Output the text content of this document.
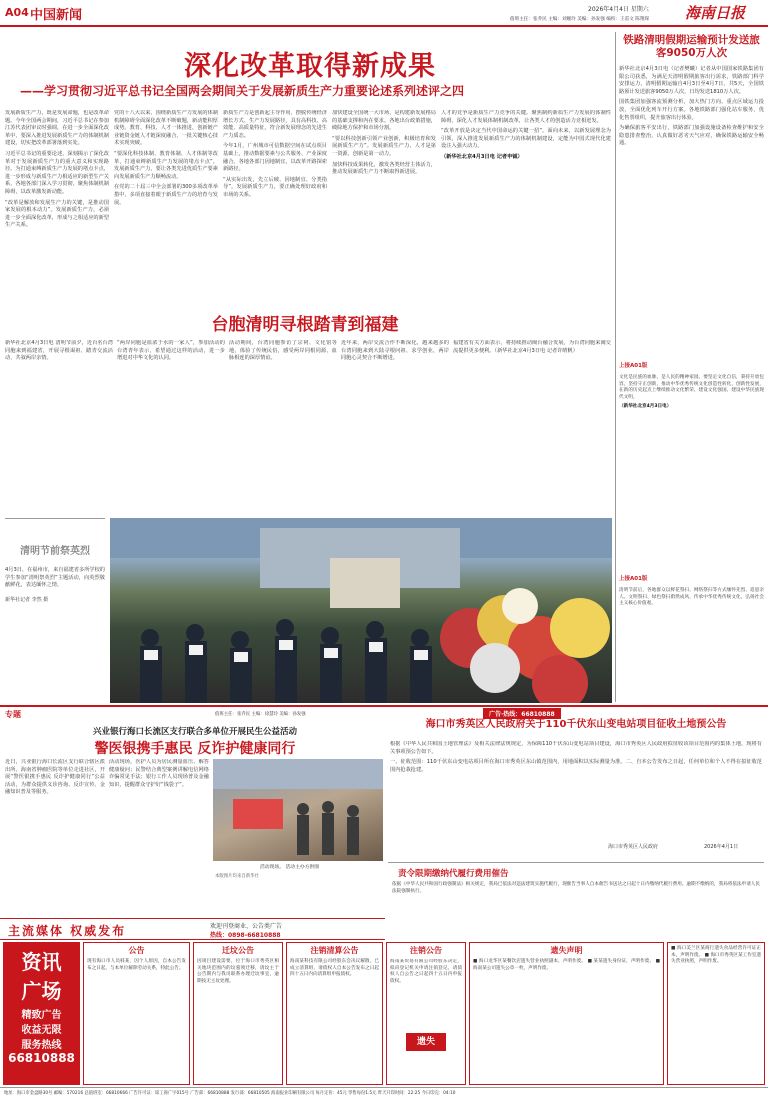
A04 中国新闻	2026年4月4日 星期六 海南日报
值班主任：张乔民 主编：刘婉玲 美编：孙发强 编校：王雷文 陈翔琛
深化改革取得新成果
——学习贯彻习近平总书记全国两会期间关于发展新质生产力重要论述系列述评之四

发展新质生产力，既是发展命题，也是改革命题。今年全国两会期间，习近平总书记在参加江苏代表团审议时强调，在进一步全面深化改革中，要深入推进发展新质生产力的体制机制建设，切实把改革部署落到实处。

习近平总书记的重要论述，深刻揭示了深化改革对于发展新质生产力的重大意义和实现路径。为打通束缚新质生产力发展的堵点卡点，进一步形成与新质生产力相适应的新型生产关系，各地各部门深入学习贯彻，聚焦体制机制障碍，以改革激发新动能。

“改革是解放和发展生产力的关键，是推动国家发展的根本动力”。发展新质生产力，必须进一步全面深化改革，形成与之相适应的新型生产关系。

党的十八大以来，围绕新质生产力发展的体制机制障碍全面深化改革不断破题，新动能积厚成势。教育、科技、人才一体推进，创新链产业链资金链人才链深度融合，一批关键核心技术实现突破。

“要深化科技体制、教育体制、人才体制等改革，打通束缚新质生产力发展的堵点卡点”。发展新质生产力，要让各类先进优质生产要素向发展新质生产力顺畅流动。

在党的二十届三中全会部署的300多项改革举措中，多项直接着眼于新质生产力的培育与发展。

新质生产力是创新起主导作用，摆脱传统经济增长方式、生产力发展路径，具有高科技、高效能、高质量特征，符合新发展理念的先进生产力质态。

今年1月，广州城市可信数据空间在试点项目基础上，推动数据要素与公共服务、产业深度融合。各地各部门因地制宜，以改革开路探索新路径。

“从实际出发，先立后破、因地制宜、分类指导”。发展新质生产力，要正确处理好政府和市场的关系。

加快建设全国统一大市场，是构建新发展格局的基础支撑和内在要求。各地出台政策措施，破除地方保护和市场分割。

“要以科技创新引领产业创新，积极培育和发展新质生产力”。发展新质生产力，人才是第一资源，创新是第一动力。

加快科技成果转化，激发各类经营主体活力，推动发展新质生产力不断取得新进展。

人才的竞争是新质生产力竞争的关键。聚焦制约新质生产力发展的体制性障碍，深化人才发展体制机制改革，让各类人才的创造活力竞相迸发。

“改革开放是决定当代中国命运的关键一招”。面向未来，以新发展理念为引领，深入推进发展新质生产力的体制机制建设，定能为中国式现代化建设注入强大动力。

（新华社北京4月3日电 记者申铖）

铁路清明假期运输预计发送旅客9050万人次

新华社北京4月3日电（记者樊曦）记者从中国国家铁路集团有限公司获悉，为满足天清明假期旅客出行需求，铁路部门科学安排运力，清明假期运输自4月3日至4月7日，共5天，全国铁路预计发送旅客9050万人次，日均发送1810万人次。

国铁集团加强客流预测分析，加大热门方向、重点区域运力投放，全面优化列车开行方案。各地铁路部门强化站车服务，优化售票组织，提升旅客出行体验。

为确保旅客平安出行，铁路部门加强设施设备检查维护和安全隐患排查整治，认真做好恶劣天气应对，确保铁路运输安全畅通。

上接A01版

文化是民族的血脉，是人民的精神家园。要坚定文化自信，秉持开放包容，坚持守正创新，推动中华优秀传统文化创造性转化、创新性发展，在新的历史起点上继续推动文化繁荣、建设文化强国、建设中华民族现代文明。

（新华社北京4月3日电）

上接A01版
清明节前后，各地群众以鲜花祭扫、网络祭扫等方式缅怀先烈、追思亲人。文明祭扫、绿色祭扫蔚然成风，传承中华优秀传统文化，弘扬社会主义核心价值观。
台胞清明寻根踏青到福建
新华社北京4月3日电 清明节前夕，近百名台湾同胞来到福建省，开展寻根谒祖、踏青交流活动，共叙两岸亲情。
“两岸同胞是血浓于水的一家人”，参加活动的台湾青年表示，希望通过这样的活动，进一步增进对中华文化的认同。
活动期间，台湾同胞参访了宗祠、文化馆等地，体验了传统民俗，感受两岸同根同源、血脉相连的深厚情谊。
近年来，两岸交流合作不断深化，越来越多的台湾同胞来到大陆寻根问祖、求学创业，两岸同胞心灵契合不断增进。
福建省有关方面表示，将持续推动闽台融合发展，为台湾同胞来闽交流提供更多便利。（新华社北京4月3日电 记者许晴帆）
清明节前祭英烈
4月3日，在福州市，来自福建省多所学校的学生参加“清明祭英烈”主题活动，向英烈敬献鲜花，表达缅怀之情。
新华社记者 李然 摄
专题	值班主任：张乔民 主编：徐慧玲 美编：孙发强
兴业银行海口长流区支行联合多单位开展民生公益活动
警医银携手惠民 反诈护健康同行
近日，兴业银行海口长流区支行联合辖区派出所、海南省肿瘤医院等单位走进社区，开展“警医银携手惠民 反诈护健康同行”公益活动，为群众提供义诊咨询、反诈宣传、金融知识普及等服务。
活动现场，医护人员为居民测量血压、解答健康疑问；民警结合典型案例讲解电信网络诈骗常见手法；银行工作人员现场普及金融知识，提醒群众守护好“钱袋子”。
活动现场。 活动主办方供图
本版图片均来自新华社
广告·热线：66810888
海口市秀英区人民政府关于110千伏东山变电站项目征收土地预公告

根据《中华人民共和国土地管理法》及相关法律法规规定，为保障110千伏东山变电站项目建设，海口市秀英区人民政府拟征收该项目范围内的集体土地，现将有关事项预公告如下。

一、征收范围：110千伏东山变电站项目所在海口市秀英区东山镇范围内，用地面积以实际测量为准。二、自本公告发布之日起，任何单位和个人不得在拟征收范围内抢栽抢建。

海口市秀英区人民政府	2026年4月1日
责令限期缴纳代履行费用催告
依据《中华人民共和国行政强制法》相关规定，我局已依法对违法建筑实施代履行，现催告当事人自本催告书送达之日起十日内缴纳代履行费用。逾期不缴纳的，我局将依法申请人民法院强制执行。
主流媒体 权威发布	欢迎刊登商业、公告类广告
热线：0898-66810888
资讯
广场
精致广告
收益无限
服务热线
66810888
公告
现有海口市人员韩某，因个人原因，自本公告发布之日起，与本单位解除劳动关系，特此公告。
迁坟公告
因项目建设需要，位于海口市秀英区相关地块范围内的坟墓须迁移，请坟主于公告期内与我司联系办理迁坟事宜，逾期按无主坟处理。
注销清算公告
海南某科技有限公司经股东会决议解散，已成立清算组，请债权人自本公告发布之日起四十五日内向清算组申报债权。
注销公告
海南某贸易有限公司经股东决定，拟向登记机关申请注销登记，请债权人自公告之日起四十五日内申报债权。
遗失
遗失声明
■ 海口龙华区某餐饮店遗失营业执照副本，声明作废。 ■ 某某遗失身份证，声明作废。 ■ 海南某公司遗失公章一枚，声明作废。
■ 海口美兰区某商行遗失食品经营许可证正本，声明作废。 ■ 海口市秀英区某工作室遗失营业执照，声明作废。
地址：海口市金盘路30号 邮编：570216 总值班室：66810666 广告许可证：琼工商广字015号 广告部：66810888 发行部：66810505 海南报业印刷有限公司 每月定价：45元 零售每份1.5元 昨天开印时间：22:25 今日印完：04:10
